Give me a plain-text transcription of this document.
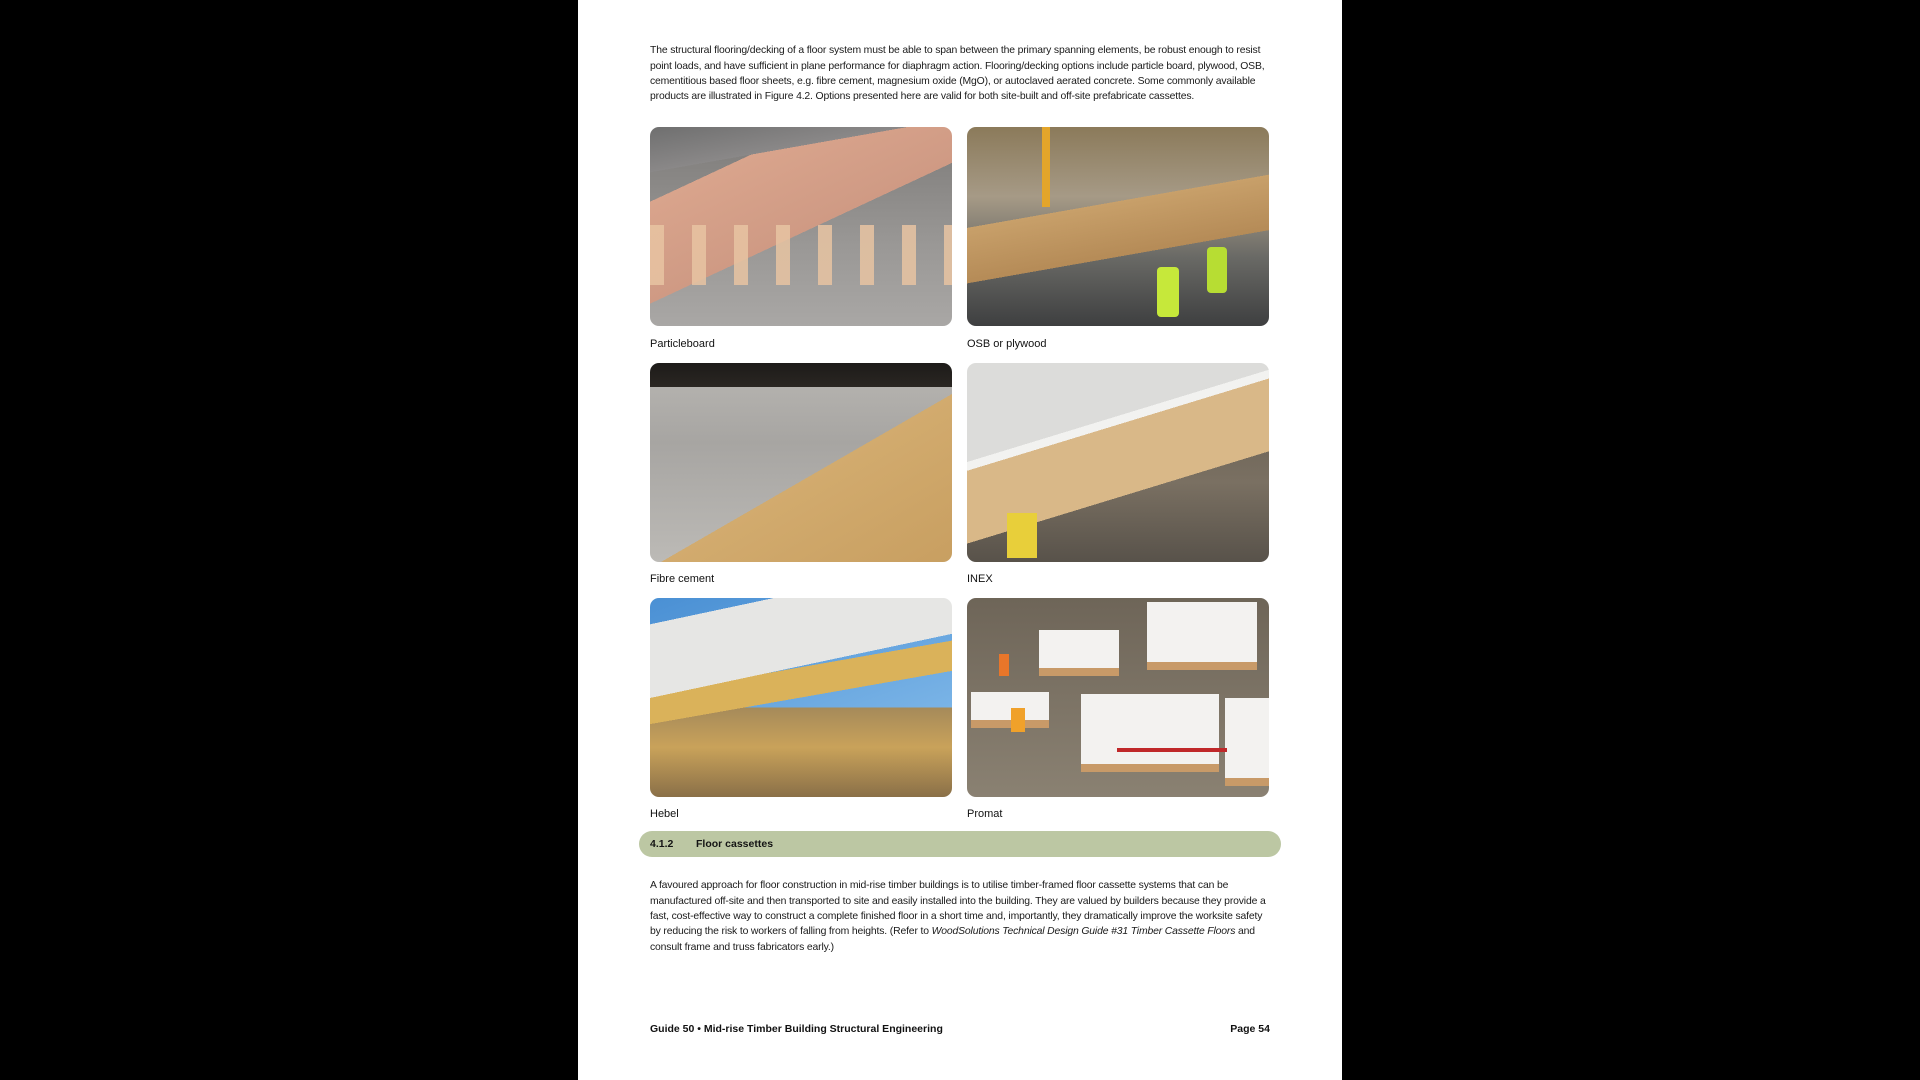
The structural flooring/decking of a floor system must be able to span between the primary spanning elements, be robust enough to resist point loads, and have sufficient in plane performance for diaphragm action. Flooring/decking options include particle board, plywood, OSB, cementitious based floor sheets, e.g. fibre cement, magnesium oxide (MgO), or autoclaved aerated concrete. Some commonly available products are illustrated in Figure 4.2. Options presented here are valid for both site-built and off-site prefabricate cassettes.

Particleboard	OSB or plywood
Fibre cement	INEX
Hebel	Promat
4.1.2	Floor cassettes

A favoured approach for floor construction in mid-rise timber buildings is to utilise timber-framed floor cassette systems that can be manufactured off-site and then transported to site and easily installed into the building. They are valued by builders because they provide a fast, cost-effective way to construct a complete finished floor in a short time and, importantly, they dramatically improve the worksite safety by reducing the risk to workers of falling from heights. (Refer to WoodSolutions Technical Design Guide #31 Timber Cassette Floors and consult frame and truss fabricators early.)

Guide 50 • Mid-rise Timber Building Structural Engineering	Page 54
